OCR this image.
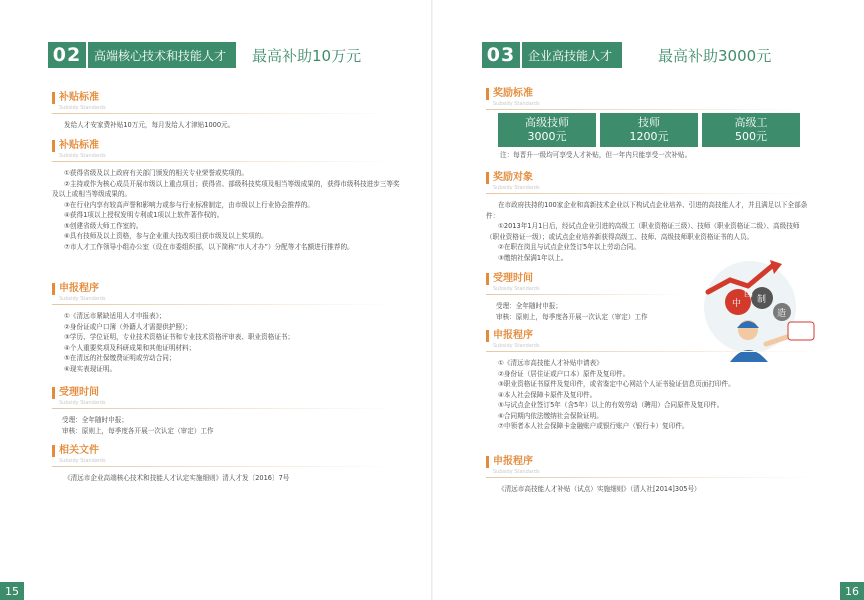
02	高端核心技术和技能人才	最高补助10万元
补贴标准
Subsidy Standards

发给人才安家费补贴10万元，每月发给人才津贴1000元。

补贴标准
Subsidy Standards

①获得省级及以上政府有关部门颁发的相关专业荣誉或奖项的。

②主持或作为核心成员开展市级以上重点项目；获得省、部级科技奖项及相当等级成果的，获得市级科技进步三等奖及以上或相当等级成果的。

③在行业内享有较高声誉和影响力或参与行业标准制定，由市级以上行业协会推荐的。

④获得1项以上授权发明专利或1项以上软件著作权的。

⑤创建省级大师工作室的。

⑥具有技师及以上资格，参与企业重大技改项目获市级及以上奖项的。

⑦市人才工作领导小组办公室（设在市委组织部，以下简称“市人才办”）分配等才名额进行推荐的。

申报程序
Subsidy Standards

①《清远市紧缺适用人才申报表》；

②身份证或户口簿（外籍人才需提供护照）；

③学历、学位证明，专业技术资格证书和专业技术资格评审表、职业资格证书；

④个人重要奖项及科研成果和其他证明材料；

⑤在清远的社保缴费证明或劳动合同；

⑥现实表现证明。

受理时间
Subsidy Standards

受理：全年随时申报；

审核：原则上，每季度各开展一次认定（审定）工作

相关文件
Subsidy Standards

《清远市企业高端核心技术和技能人才认定实施细则》清人才发〔2016〕7号

15
03	企业高技能人才	最高补助3000元
奖励标准
Subsidy Standards
高级技师
3000元
技师
1200元
高级工
500元
注：每晋升一级均可享受人才补贴，但一年内只能享受一次补贴。
奖励对象
Subsidy Standards

在市政府扶持的100家企业和高新技术企业以下构试点企业培养、引进的高技能人才，并且满足以下全部条件：

①2013年1月1日后，经试点企业引进的高级工（职业资格证三级）、技师（职业资格证二级）、高级技师（职业资格证一级）；或试点企业培养新获得高级工、技师、高级技师职业资格证书的人员。

②在职在岗且与试点企业签订5年以上劳动合同。

③缴纳社保满1年以上。

受理时间
Subsidy Standards

受理：全年随时申报；

审核：原则上，每季度各开展一次认定（审定）工作

中
国
制
造
申报程序
Subsidy Standards

①《清远市高技能人才补贴申请表》

②身份证（居住证或户口本）原件及复印件。

③职业资格证书原件及复印件，或省鉴定中心网站个人证书验证信息页面打印件。

④本人社会保障卡原件及复印件。

⑤与试点企业签订5年（含5年）以上的有效劳动（聘用）合同原件及复印件。

⑥合同期内依法缴纳社会保险证明。

⑦申领者本人社会保障卡金融账户或银行账户（银行卡）复印件。

申报程序
Subsidy Standards

《清远市高技能人才补贴（试点）实施细则》（清人社[2014]305号）

16
